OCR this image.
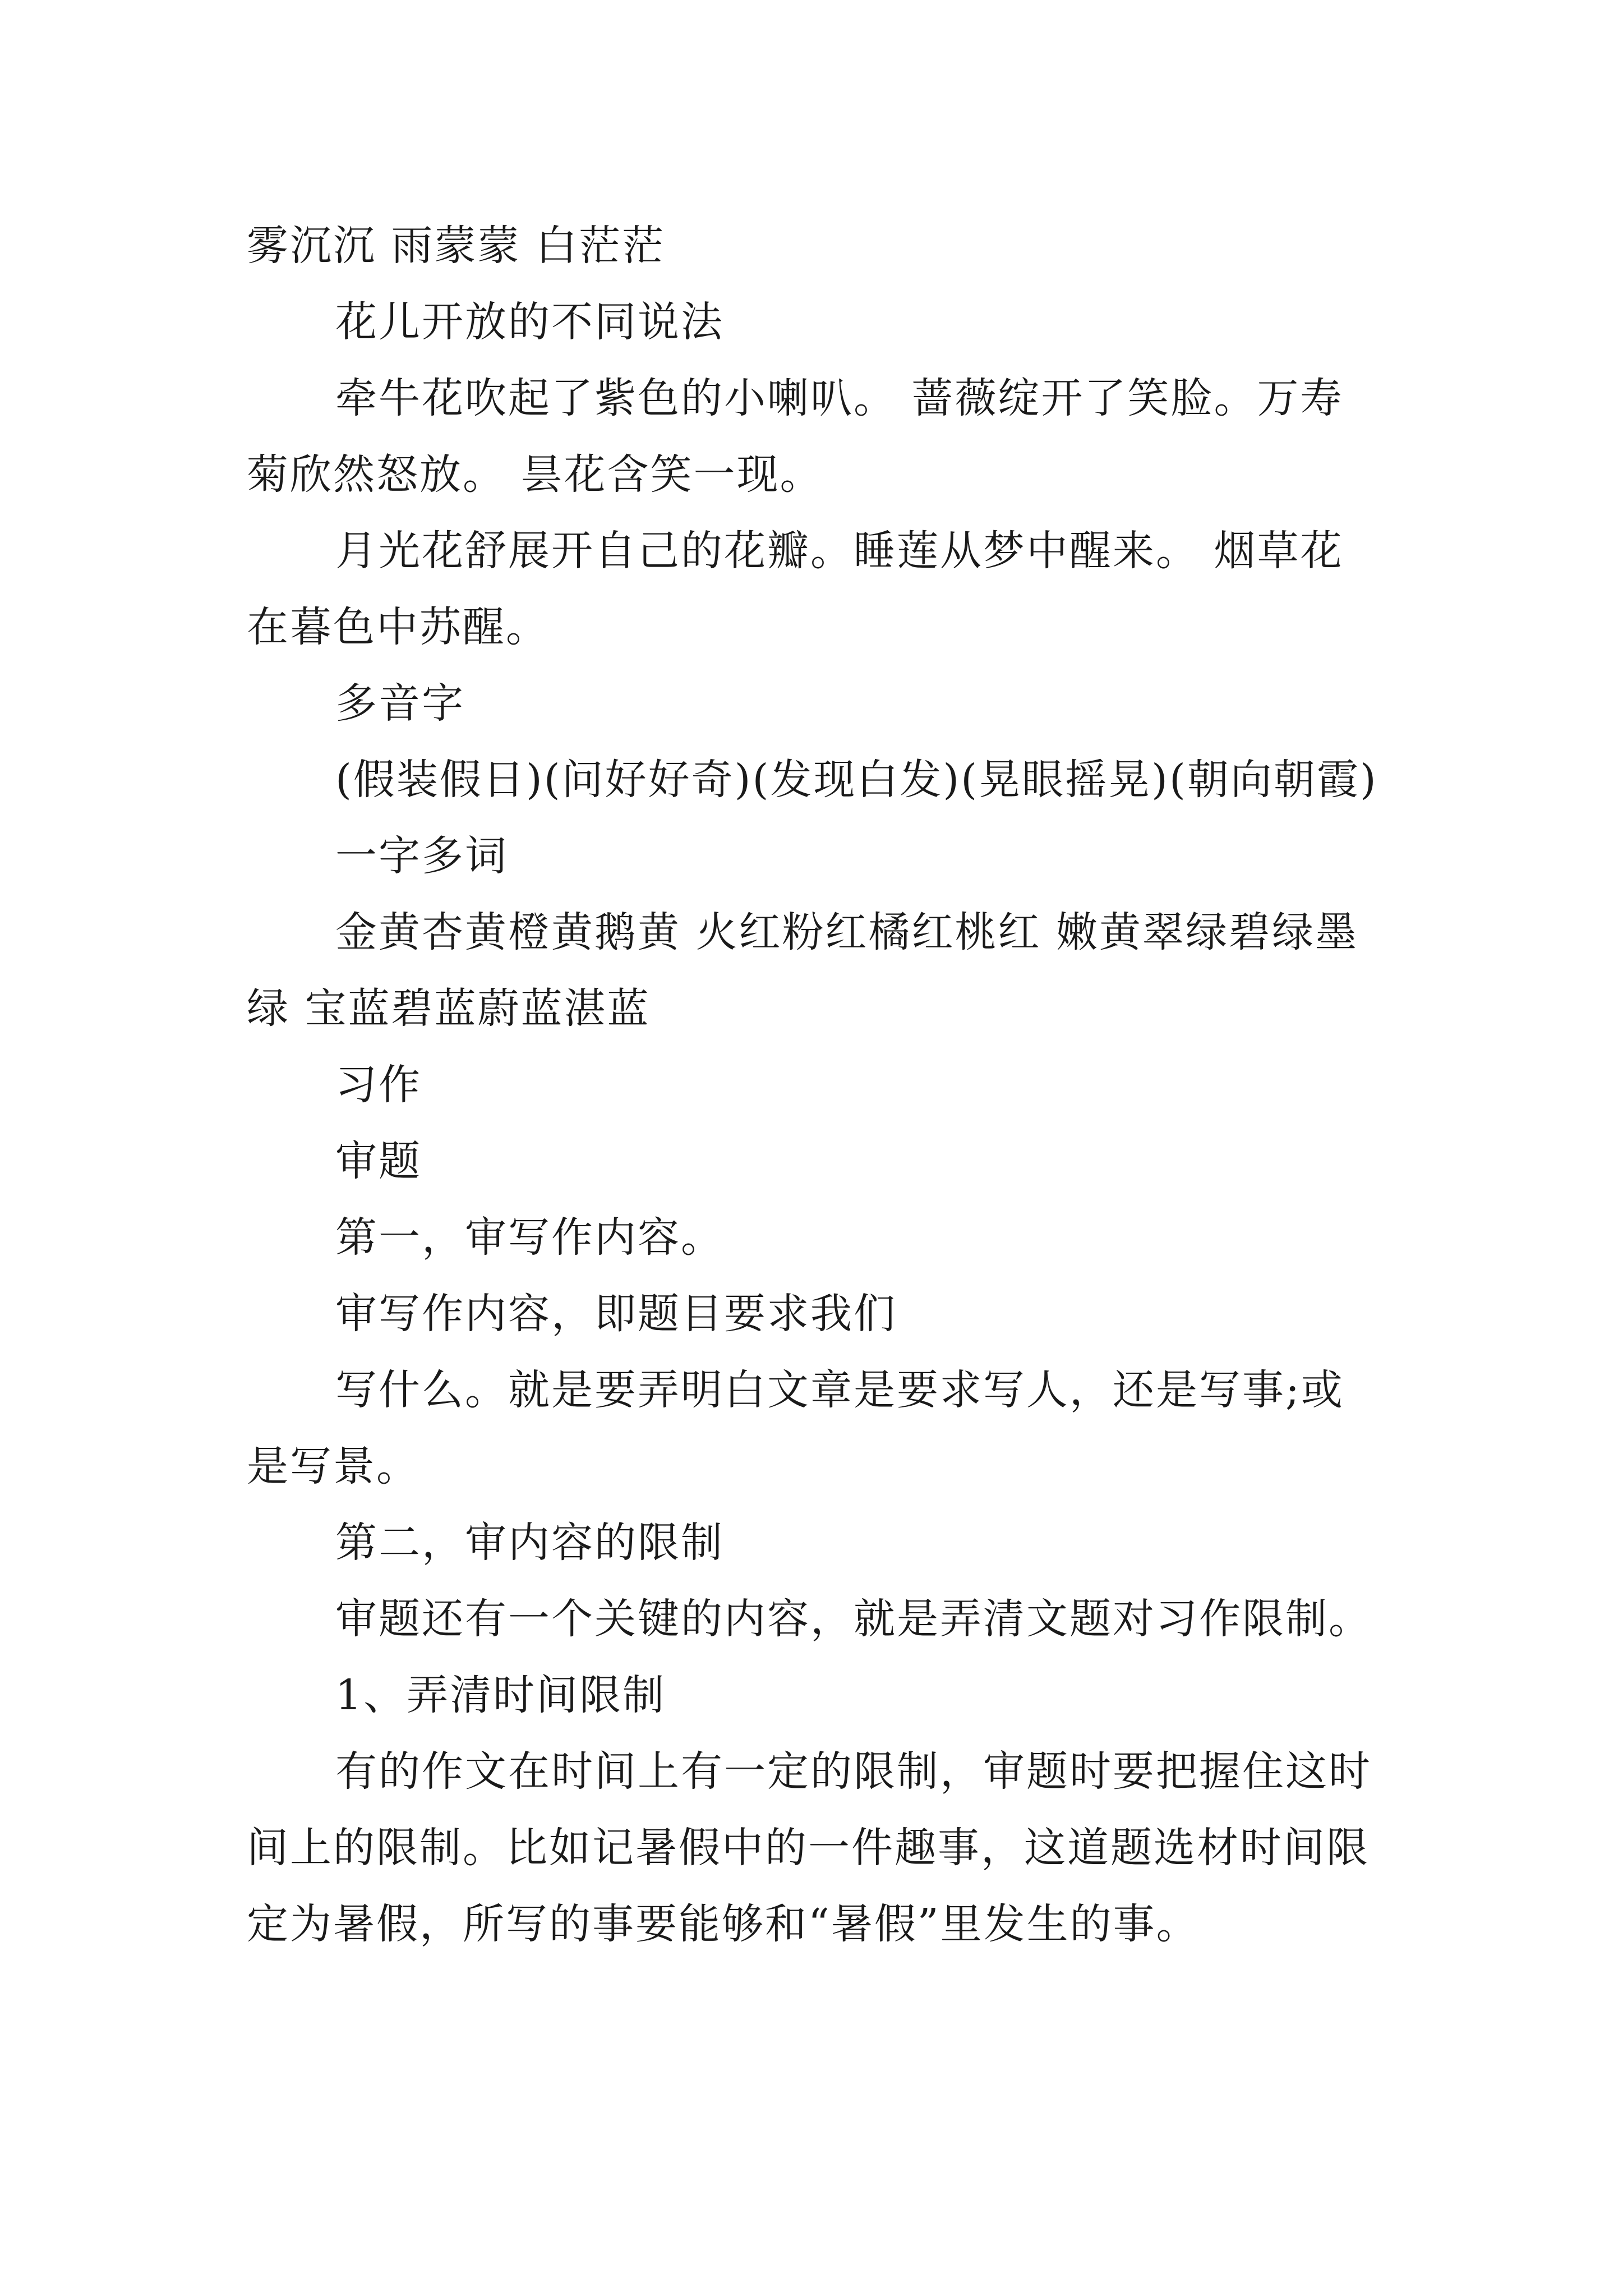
雾沉沉 雨蒙蒙 白茫茫

花儿开放的不同说法

牵牛花吹起了紫色的小喇叭。 蔷薇绽开了笑脸。万寿菊欣然怒放。 昙花含笑一现。

月光花舒展开自己的花瓣。睡莲从梦中醒来。 烟草花在暮色中苏醒。

多音字

(假装假日)(问好好奇)(发现白发)(晃眼摇晃)(朝向朝霞)

一字多词

金黄杏黄橙黄鹅黄 火红粉红橘红桃红 嫩黄翠绿碧绿墨绿 宝蓝碧蓝蔚蓝湛蓝

习作

审题

第一，审写作内容。

审写作内容，即题目要求我们

写什么。就是要弄明白文章是要求写人，还是写事;或是写景。

第二，审内容的限制

审题还有一个关键的内容，就是弄清文题对习作限制。

1、弄清时间限制

有的作文在时间上有一定的限制，审题时要把握住这时间上的限制。比如记暑假中的一件趣事，这道题选材时间限定为暑假，所写的事要能够和“暑假”里发生的事。
